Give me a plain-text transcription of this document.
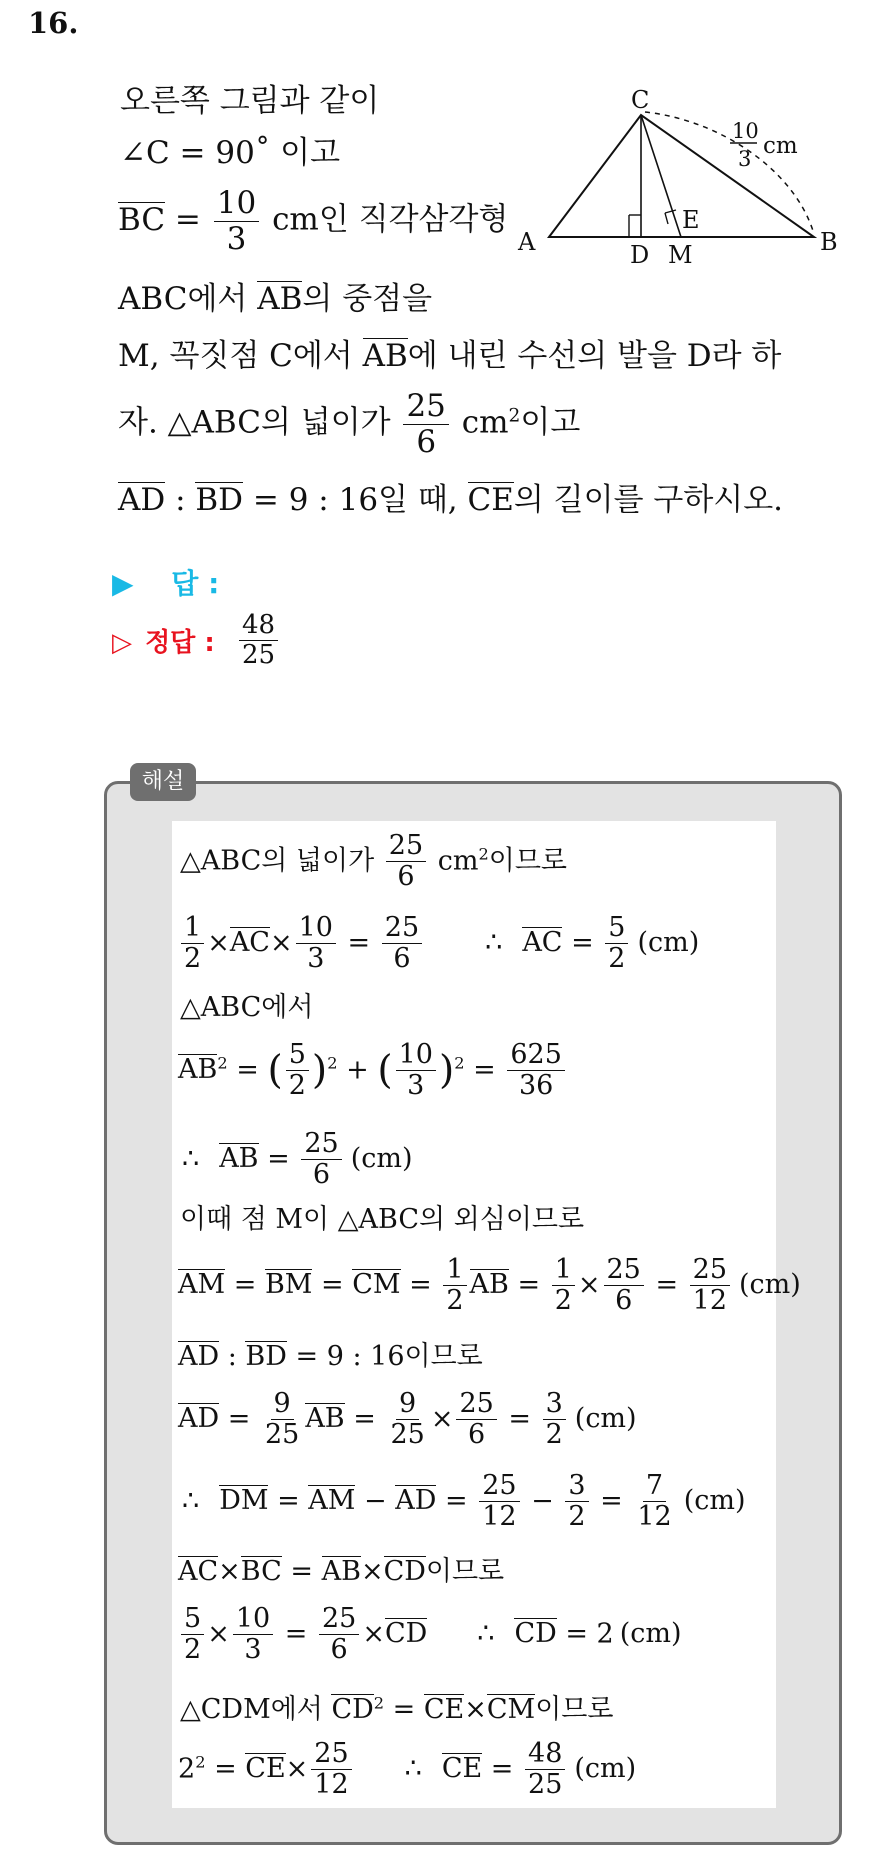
16.
오른쪽 그림과 같이
∠C = 90˚ 이고
BC = $\frac{10}{3}$ cm인 직각삼각형
ABC에서 AB의 중점을
M, 꼭짓점 C에서 AB에 내린 수선의 발을 D라 하
자. △ABC의 넓이가 $\frac{25}{6} cm^2$이고
AD : BD = 9 : 16일 때, CE의 길이를 구하시오.
A
C
B
D M
E
10
3 cm
▶ 답 :
▷ 정답 : $\frac{48}{25}$
해설
△ABC의 넓이가 $\frac{25}{6} cm^2$이므로
$\frac{1}{2} \times AC\times \frac{10}{3} = \frac{25}{6}$ ∴ AC = $\frac{5}{2} (cm)$
△ABC에서
$AB^2$ = ( $\frac{5}{2} )^2$ + ( $\frac{10}{3} )^2 = \frac{625}{36}$
∴ AB = $\frac{25}{6} (cm)$
이때 점 M이 △ABC의 외심이므로
AM = BM = CM = $\frac{1}{2}$ AB = $\frac{1}{2} \times \frac{25}{6} = \frac{25}{12} (cm)$
AD : BD = 9 : 16이므로
AD = $\frac{9}{25}$ AB = $\frac{9}{25} \times \frac{25}{6} = \frac{3}{2} (cm)$
∴ DM = AM − AD = $\frac{25}{12} - \frac{3}{2} = \frac{7}{12} (cm)$
AC×BC = AB×CD이므로
$\frac{5}{2} \times \frac{10}{3} = \frac{25}{6} \times CD$ ∴ CD = 2 (cm)
△CDM에서 $CD^2 = CE\times CM$이므로
$2^2 = CE\times \frac{25}{12}$ ∴ CE = $\frac{48}{25} (cm)$
